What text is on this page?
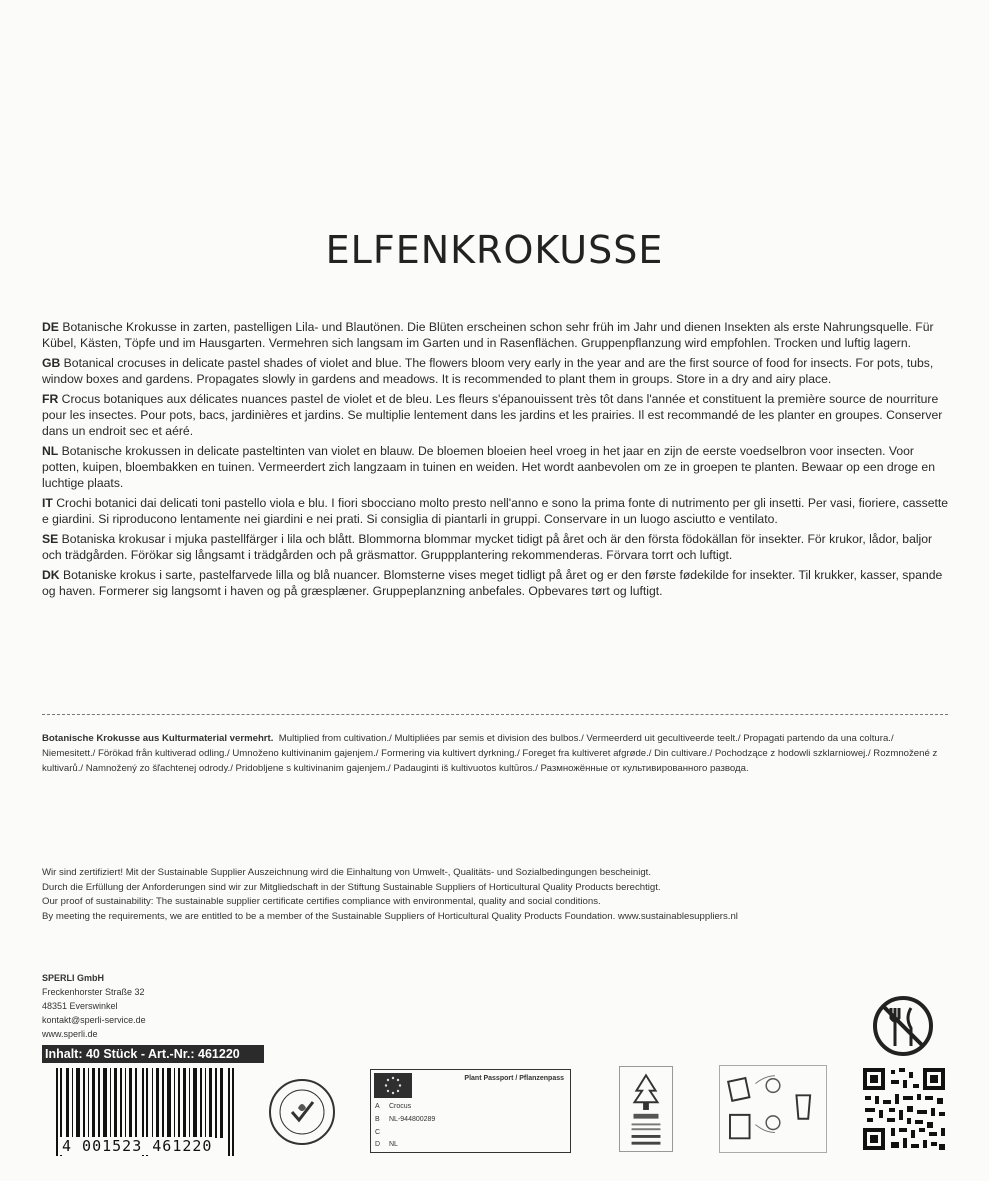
ELFENKROKUSSE
DE Botanische Krokusse in zarten, pastelligen Lila- und Blautönen. Die Blüten erscheinen schon sehr früh im Jahr und dienen Insekten als erste Nahrungsquelle. Für Kübel, Kästen, Töpfe und im Hausgarten. Vermehren sich langsam im Garten und in Rasenflächen. Gruppenpflanzung wird empfohlen. Trocken und luftig lagern.
GB Botanical crocuses in delicate pastel shades of violet and blue. The flowers bloom very early in the year and are the first source of food for insects. For pots, tubs, window boxes and gardens. Propagates slowly in gardens and meadows. It is recommended to plant them in groups. Store in a dry and airy place.
FR Crocus botaniques aux délicates nuances pastel de violet et de bleu. Les fleurs s'épanouissent très tôt dans l'année et constituent la première source de nourriture pour les insectes. Pour pots, bacs, jardinières et jardins. Se multiplie lentement dans les jardins et les prairies. Il est recommandé de les planter en groupes. Conserver dans un endroit sec et aéré.
NL Botanische krokussen in delicate pasteltinten van violet en blauw. De bloemen bloeien heel vroeg in het jaar en zijn de eerste voedselbron voor insecten. Voor potten, kuipen, bloembakken en tuinen. Vermeerdert zich langzaam in tuinen en weiden. Het wordt aanbevolen om ze in groepen te planten. Bewaar op een droge en luchtige plaats.
IT Crochi botanici dai delicati toni pastello viola e blu. I fiori sbocciano molto presto nell'anno e sono la prima fonte di nutrimento per gli insetti. Per vasi, fioriere, cassette e giardini. Si riproducono lentamente nei giardini e nei prati. Si consiglia di piantarli in gruppi. Conservare in un luogo asciutto e ventilato.
SE Botaniska krokusar i mjuka pastellfärger i lila och blått. Blommorna blommar mycket tidigt på året och är den första födokällan för insekter. För krukor, lådor, baljor och trädgården. Förökar sig långsamt i trädgården och på gräsmattor. Gruppplantering rekommenderas. Förvara torrt och luftigt.
DK Botaniske krokus i sarte, pastelfarvede lilla og blå nuancer. Blomsterne vises meget tidligt på året og er den første fødekilde for insekter. Til krukker, kasser, spande og haven. Formerer sig langsomt i haven og på græsplæner. Gruppeplanzning anbefales. Opbevares tørt og luftigt.
Botanische Krokusse aus Kulturmaterial vermehrt. Multiplied from cultivation./ Multipliées par semis et division des bulbos./ Vermeerderd uit gecultiveerde teelt./ Propagati partendo da una coltura./ Niemesitett./ Förökad från kultiverad odling./ Umnoženo kultivinanim gajenjem./ Formering via kultivert dyrkning./ Foreget fra kultiveret afgrøde./ Din cultivare./ Pochodzące z hodowli szklarniowej./ Rozmnožené z kultivarů./ Namnožený zo šľachtenej odrody./ Pridobljene s kultivinanim gajenjem./ Padauginti iš kultivuotos kultūros./ Размножённые от культивированного развода.
Wir sind zertifiziert! Mit der Sustainable Supplier Auszeichnung wird die Einhaltung von Umwelt-, Qualitäts- und Sozialbedingungen bescheinigt.
Durch die Erfüllung der Anforderungen sind wir zur Mitgliedschaft in der Stiftung Sustainable Suppliers of Horticultural Quality Products berechtigt.
Our proof of sustainability: The sustainable supplier certificate certifies compliance with environmental, quality and social conditions.
By meeting the requirements, we are entitled to be a member of the Sustainable Suppliers of Horticultural Quality Products Foundation. www.sustainablesuppliers.nl
SPERLI GmbH
Freckenhorster Straße 32
48351 Everswinkel
kontakt@sperli-service.de
www.sperli.de
Inhalt: 40 Stück - Art.-Nr.: 461220
4 001523 461220
Plant Passport / Pflanzenpass
A Crocus
B NL-944800289
C
D NL
